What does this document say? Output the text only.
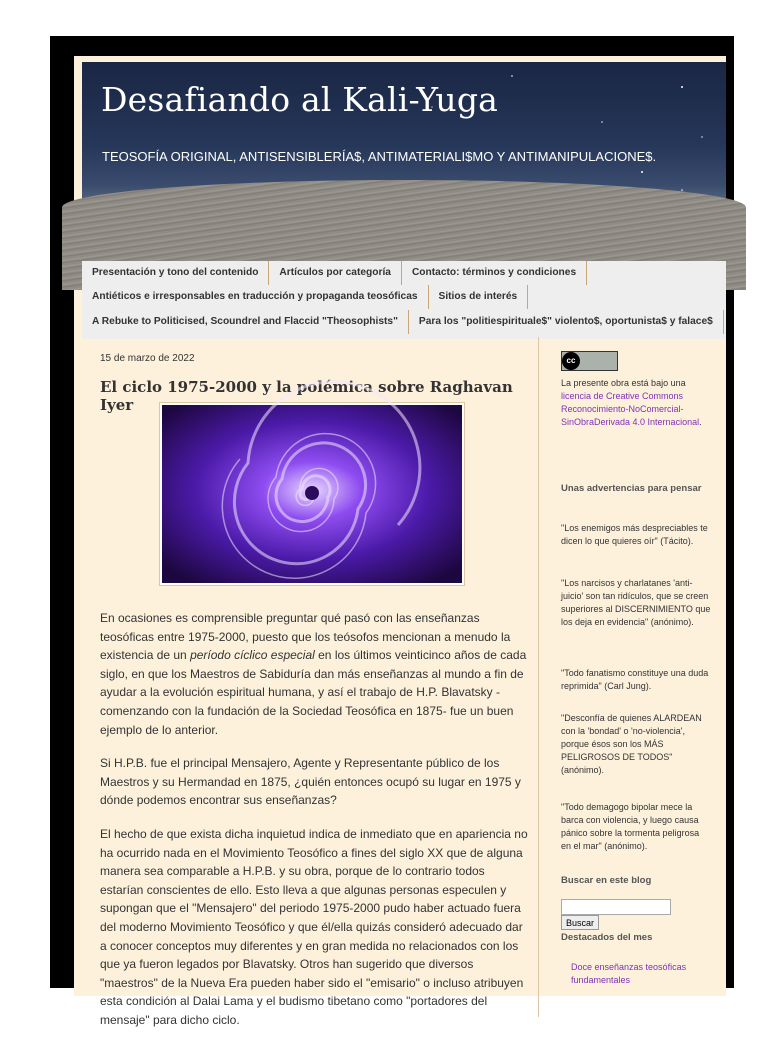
Desafiando al Kali-Yuga
TEOSOFÍA ORIGINAL, ANTISENSIBLERÍA$, ANTIMATERIALI$MO Y ANTIMANIPULACIONE$.
Presentación y tono del contenido	Artículos por categoría	Contacto: términos y condiciones
Antiéticos e irresponsables en traducción y propaganda teosóficas	Sitios de interés
A Rebuke to Politicised, Scoundrel and Flaccid "Theosophists"	Para los "politiespirituale$" violento$, oportunista$ y falace$
15 de marzo de 2022
El ciclo 1975-2000 y la polémica sobre Raghavan Iyer

En ocasiones es comprensible preguntar qué pasó con las enseñanzas teosóficas entre 1975-2000, puesto que los teósofos mencionan a menudo la existencia de un período cíclico especial en los últimos veinticinco años de cada siglo, en que los Maestros de Sabiduría dan más enseñanzas al mundo a fin de ayudar a la evolución espiritual humana, y así el trabajo de H.P. Blavatsky -comenzando con la fundación de la Sociedad Teosófica en 1875- fue un buen ejemplo de lo anterior.

Si H.P.B. fue el principal Mensajero, Agente y Representante público de los Maestros y su Hermandad en 1875, ¿quién entonces ocupó su lugar en 1975 y dónde podemos encontrar sus enseñanzas?

El hecho de que exista dicha inquietud indica de inmediato que en apariencia no ha ocurrido nada en el Movimiento Teosófico a fines del siglo XX que de alguna manera sea comparable a H.P.B. y su obra, porque de lo contrario todos estarían conscientes de ello. Esto lleva a que algunas personas especulen y supongan que el "Mensajero" del periodo 1975-2000 pudo haber actuado fuera del moderno Movimiento Teosófico y que él/ella quizás consideró adecuado dar a conocer conceptos muy diferentes y en gran medida no relacionados con los que ya fueron legados por Blavatsky. Otros han sugerido que diversos "maestros" de la Nueva Era pueden haber sido el "emisario" o incluso atribuyen esta condición al Dalai Lama y el budismo tibetano como "portadores del mensaje" para dicho ciclo.

cc
La presente obra está bajo una licencia de Creative Commons Reconocimiento-NoComercial-SinObraDerivada 4.0 Internacional.
Unas advertencias para pensar
"Los enemigos más despreciables te dicen lo que quieres oír" (Tácito).
"Los narcisos y charlatanes 'anti-juicio' son tan ridículos, que se creen superiores al DISCERNIMIENTO que los deja en evidencia" (anónimo).
"Todo fanatismo constituye una duda reprimida" (Carl Jung).
"Desconfía de quienes ALARDEAN con la 'bondad' o 'no-violencia', porque ésos son los MÁS PELIGROSOS DE TODOS" (anónimo).
"Todo demagogo bipolar mece la barca con violencia, y luego causa pánico sobre la tormenta peligrosa en el mar" (anónimo).
Buscar en este blog
Buscar
Destacados del mes
Doce enseñanzas teosóficas fundamentales
